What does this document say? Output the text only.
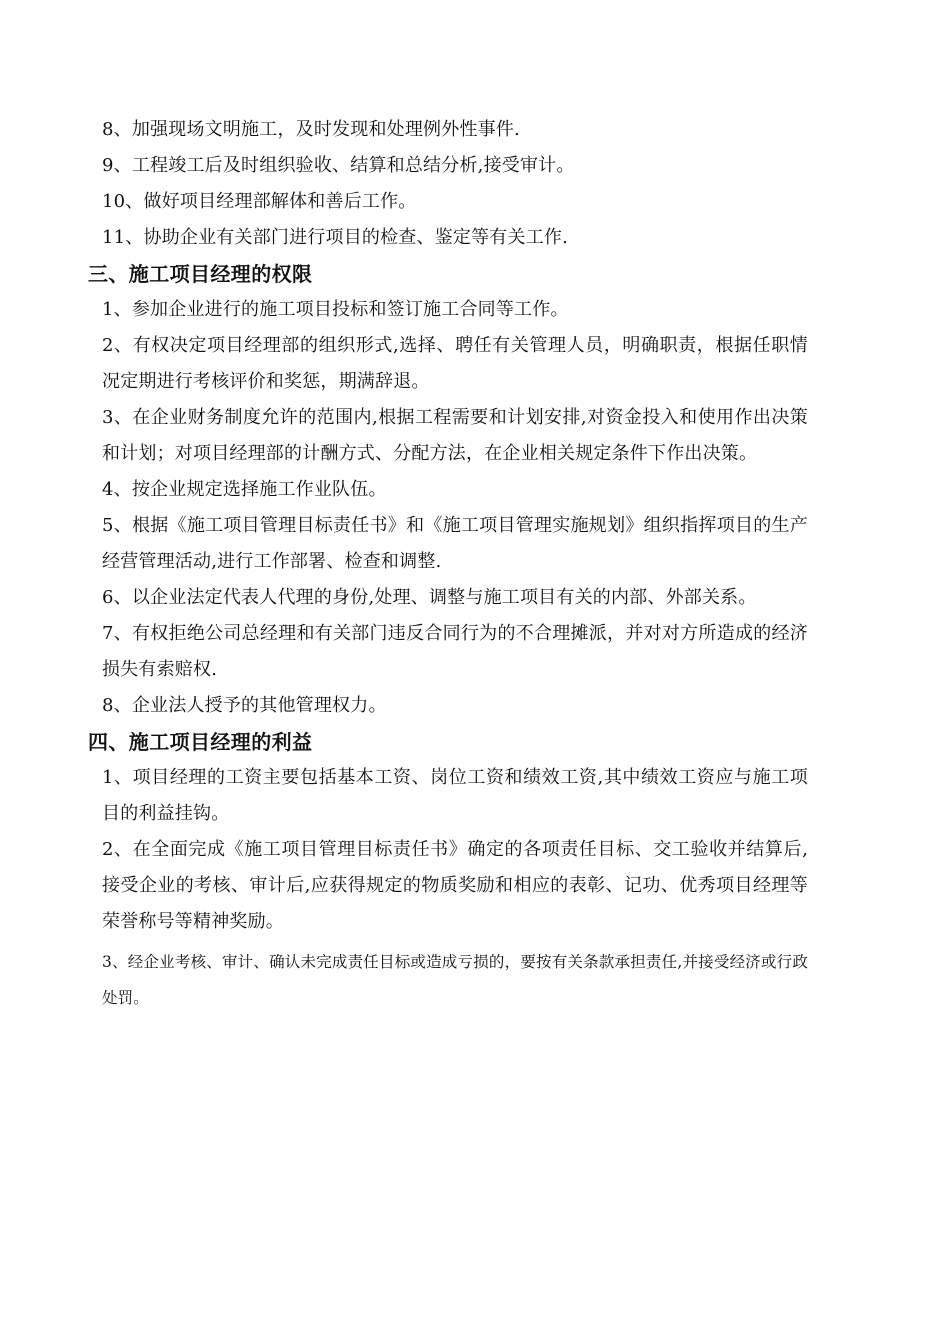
8、加强现场文明施工，及时发现和处理例外性事件.

9、工程竣工后及时组织验收、结算和总结分析,接受审计。

10、做好项目经理部解体和善后工作。

11、协助企业有关部门进行项目的检查、鉴定等有关工作.

三、施工项目经理的权限

1、参加企业进行的施工项目投标和签订施工合同等工作。

2、有权决定项目经理部的组织形式,选择、聘任有关管理人员，明确职责，根据任职情况定期进行考核评价和奖惩，期满辞退。

3、在企业财务制度允许的范围内,根据工程需要和计划安排,对资金投入和使用作出决策和计划；对项目经理部的计酬方式、分配方法，在企业相关规定条件下作出决策。

4、按企业规定选择施工作业队伍。

5、根据《施工项目管理目标责任书》和《施工项目管理实施规划》组织指挥项目的生产经营管理活动,进行工作部署、检查和调整.

6、以企业法定代表人代理的身份,处理、调整与施工项目有关的内部、外部关系。

7、有权拒绝公司总经理和有关部门违反合同行为的不合理摊派，并对对方所造成的经济损失有索赔权.

8、企业法人授予的其他管理权力。

四、施工项目经理的利益

1、项目经理的工资主要包括基本工资、岗位工资和绩效工资,其中绩效工资应与施工项目的利益挂钩。

2、在全面完成《施工项目管理目标责任书》确定的各项责任目标、交工验收并结算后,接受企业的考核、审计后,应获得规定的物质奖励和相应的表彰、记功、优秀项目经理等荣誉称号等精神奖励。

3、经企业考核、审计、确认未完成责任目标或造成亏损的，要按有关条款承担责任,并接受经济或行政处罚。
